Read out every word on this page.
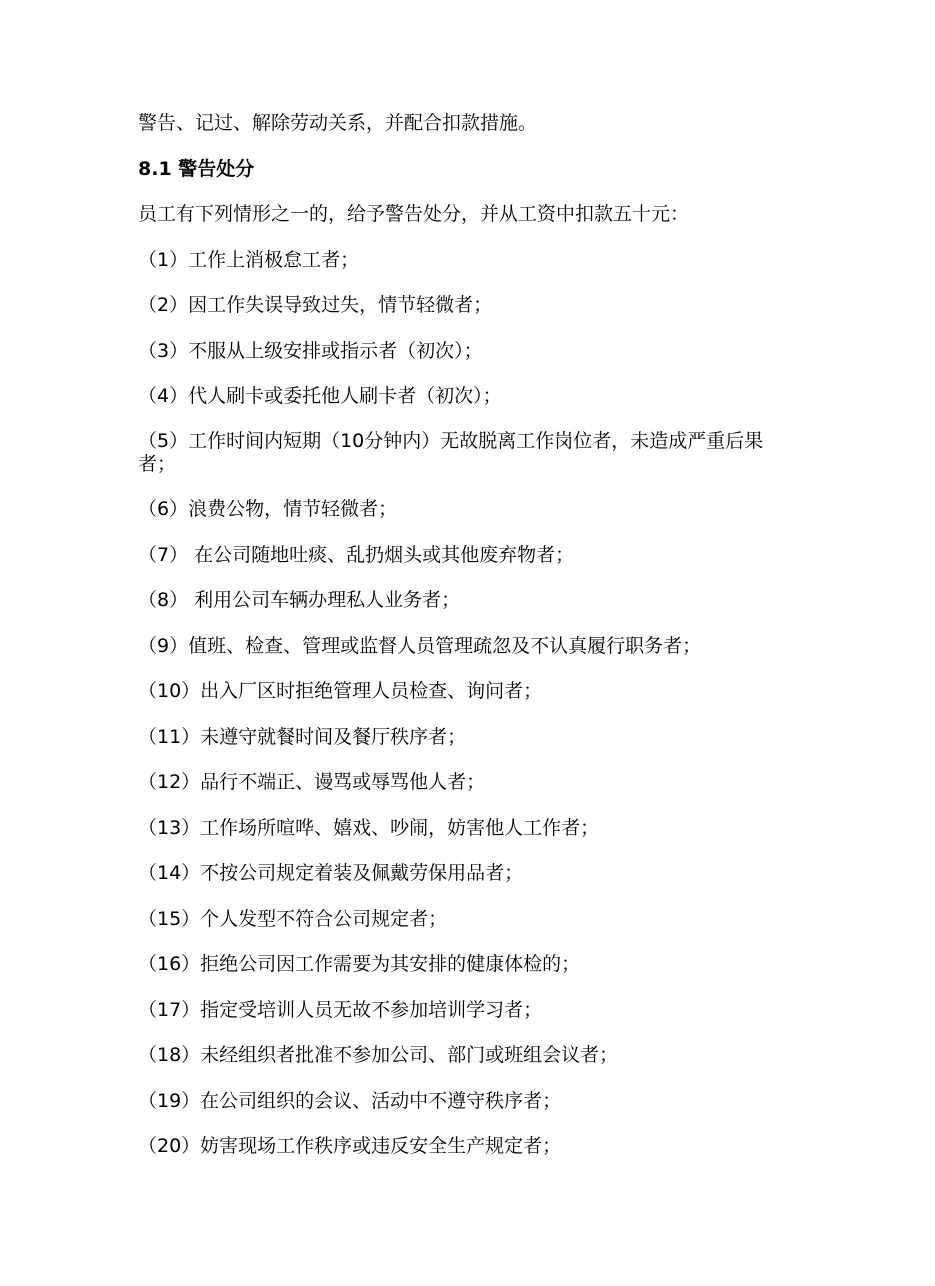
警告、记过、解除劳动关系，并配合扣款措施。

8.1 警告处分

员工有下列情形之一的，给予警告处分，并从工资中扣款五十元：

（1）工作上消极怠工者；

（2）因工作失误导致过失，情节轻微者；

（3）不服从上级安排或指示者（初次）；

（4）代人刷卡或委托他人刷卡者（初次）；

（5）工作时间内短期（10分钟内）无故脱离工作岗位者，未造成严重后果者；

（6）浪费公物，情节轻微者；

（7） 在公司随地吐痰、乱扔烟头或其他废弃物者；

（8） 利用公司车辆办理私人业务者；

（9）值班、检查、管理或监督人员管理疏忽及不认真履行职务者；

（10）出入厂区时拒绝管理人员检查、询问者；

（11）未遵守就餐时间及餐厅秩序者；

（12）品行不端正、谩骂或辱骂他人者；

（13）工作场所喧哗、嬉戏、吵闹，妨害他人工作者；

（14）不按公司规定着装及佩戴劳保用品者；

（15）个人发型不符合公司规定者；

（16）拒绝公司因工作需要为其安排的健康体检的；

（17）指定受培训人员无故不参加培训学习者；

（18）未经组织者批准不参加公司、部门或班组会议者；

（19）在公司组织的会议、活动中不遵守秩序者；

（20）妨害现场工作秩序或违反安全生产规定者；
